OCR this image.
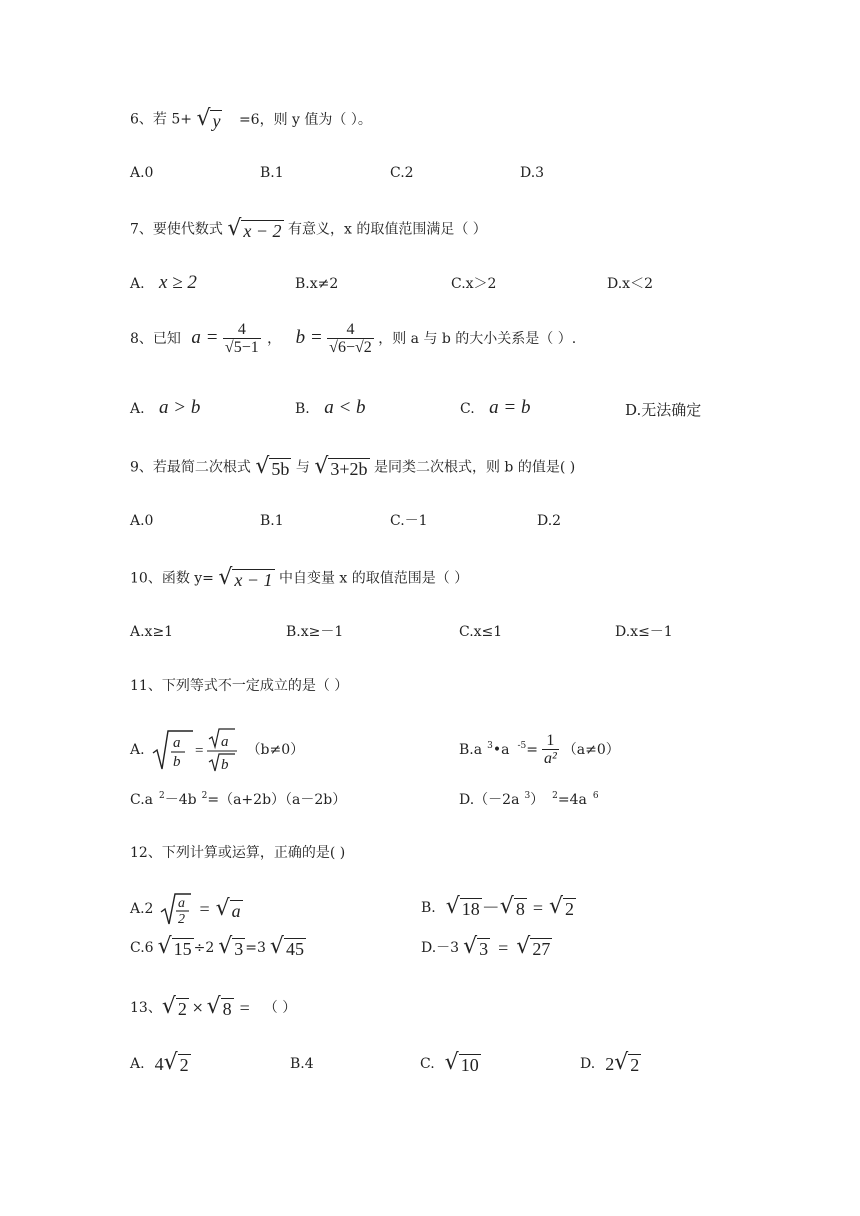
6、若 5+ √ y =6，则 y 值为（ ）。
A.0	B.1	C.2	D.3
7、要使代数式 √ x − 2 有意义，x 的取值范围满足（ ）
A. x ≥ 2	B.x≠2	C.x＞2	D.x＜2
8、已知 $a = \frac{4}{√5-1}$ ， $b = \frac{4}{√6-√2}$ ，则 a 与 b 的大小关系是（ ）.
A. a > b	B. a < b	C. a = b	D.无法确定
9、若最简二次根式 √ 5b 与 √ 3+2b 是同类二次根式，则 b 的值是( )
A.0	B.1	C.－1	D.2
10、函数 y= √ x − 1 中自变量 x 的取值范围是（ ）
A.x≥1	B.x≥－1	C.x≤1	D.x≤－1
11、下列等式不一定成立的是（ ）
A. a
b
=
a
b
（b≠0）	B.a $^3$ •a $^{-5} = \frac{1}{\text{a²}} (a\ne 0)$
C.a $^2$－4b $^2$=（a+2b）（a－2b）	D.（－2a $^3$） $^2$=4a $^6$
12、下列计算或运算，正确的是( )
A.2 a
2
= √ a	B. √ 18 － √ 8 = √ 2
C.6 √ 15 ÷2 √ 3 =3 √ 45	D.－3 √ 3 = √ 27
13、 √ 2 × √ 8 = （ ）
A. 4 √ 2	B.4	C. √ 10	D. 2 √ 2
